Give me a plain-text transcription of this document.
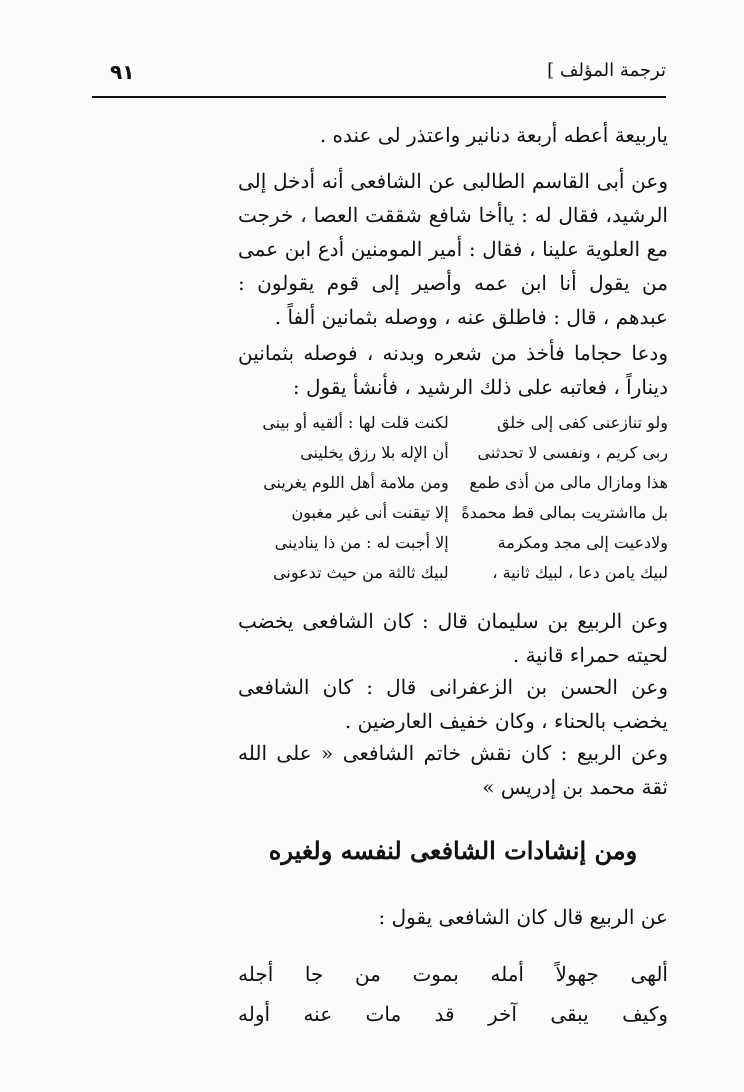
٩١	ترجمة المؤلف ]
ياربيعة أعطه أربعة دنانير واعتذر لى عنده .
وعن أبى القاسم الطالبى عن الشافعى أنه أدخل إلى الرشيد، فقال له : ياأخا شافع شققت العصا ، خرجت مع العلوية علينا ، فقال : أمير المومنين أدع ابن عمى من يقول أنا ابن عمه وأصير إلى قوم يقولون : عبدهم ، قال : فاطلق عنه ، ووصله بثمانين ألفاً .
ودعا حجاما فأخذ من شعره وبدنه ، فوصله بثمانين ديناراً ، فعاتبه على ذلك الرشيد ، فأنشأ يقول :
ولو تنازعنى كفى إلى خلق
لكنت قلت لها : ألقيه أو بينى
ربى كريم ، ونفسى لا تحدثنى
أن الإله بلا رزق يخلينى
هذا ومازال مالى من أذى طمع
ومن ملامة أهل اللوم يغرينى
بل مااشتريت بمالى قط محمدةً
إلا تيقنت أنى غير مغبون
ولادعيت إلى مجد ومكرمة
إلا أجبت له : من ذا ينادينى
لبيك يامن دعا ، لبيك ثانية ،
لبيك ثالثة من حيث تدعونى
وعن الربيع بن سليمان قال : كان الشافعى يخضب لحيته حمراء قانية .
وعن الحسن بن الزعفرانى قال : كان الشافعى يخضب بالحناء ، وكان خفيف العارضين .
وعن الربيع : كان نقش خاتم الشافعى « على الله ثقة محمد بن إدريس »
ومن إنشادات الشافعى لنفسه ولغيره
عن الربيع قال كان الشافعى يقول :
ألهى
جهولاً
أمله
بموت
من
جا
أجله
وكيف
يبقى
آخر
قد
مات
عنه
أوله
